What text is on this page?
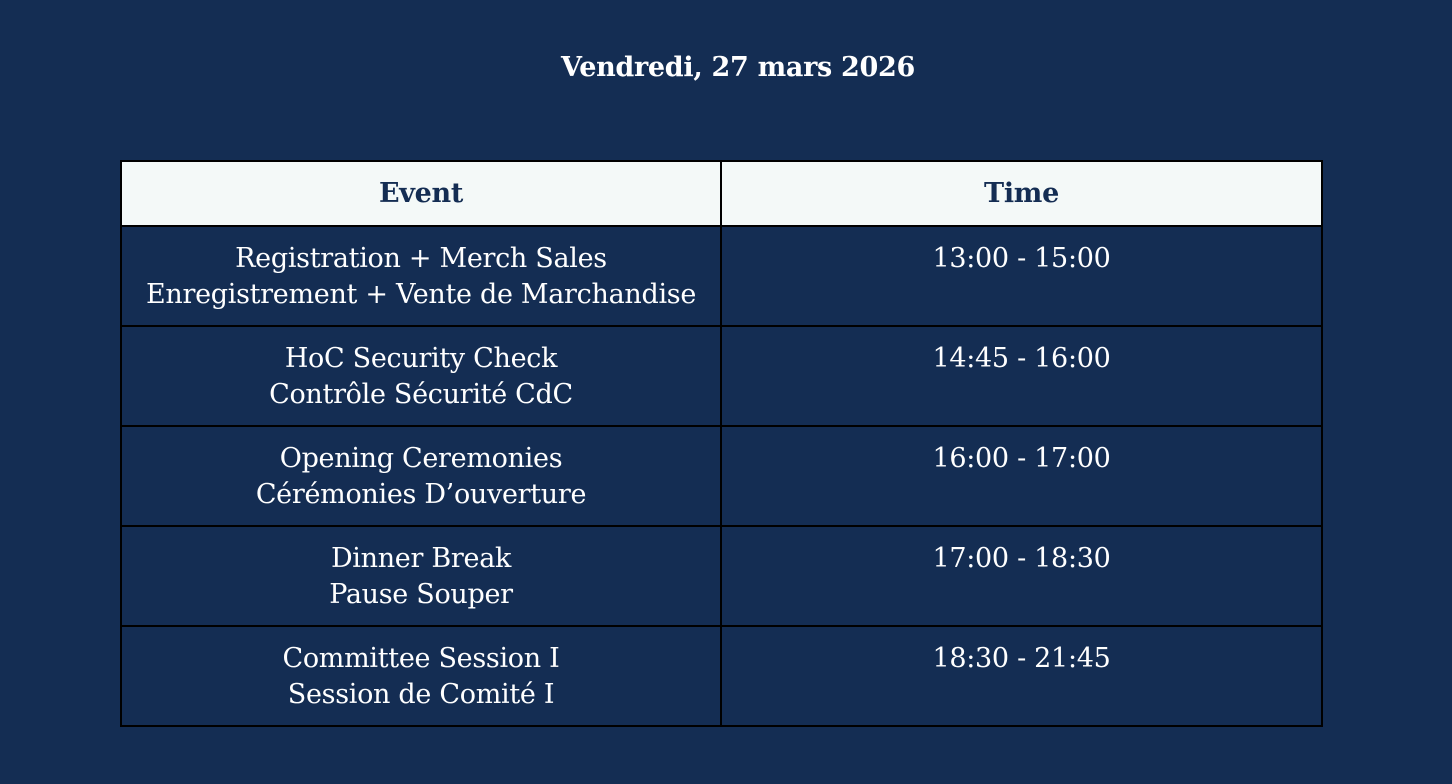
Vendredi, 27 mars 2026
Event	Time

Registration + Merch Sales
Enregistrement + Vente de Marchandise	13:00 - 15:00

HoC Security Check
Contrôle Sécurité CdC	14:45 - 16:00

Opening Ceremonies
Cérémonies D’ouverture	16:00 - 17:00

Dinner Break
Pause Souper	17:00 - 18:30

Committee Session I
Session de Comité I	18:30 - 21:45
